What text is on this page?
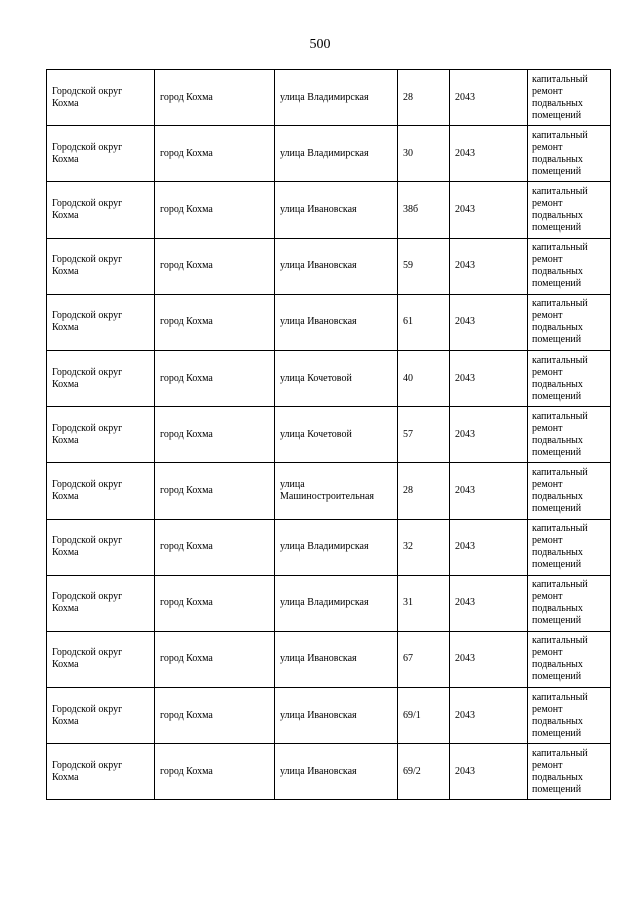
500
Городской округ Кохма	город Кохма	улица Владимирская	28	2043	капитальный ремонт подвальных помещений
Городской округ Кохма	город Кохма	улица Владимирская	30	2043	капитальный ремонт подвальных помещений
Городской округ Кохма	город Кохма	улица Ивановская	38б	2043	капитальный ремонт подвальных помещений
Городской округ Кохма	город Кохма	улица Ивановская	59	2043	капитальный ремонт подвальных помещений
Городской округ Кохма	город Кохма	улица Ивановская	61	2043	капитальный ремонт подвальных помещений
Городской округ Кохма	город Кохма	улица Кочетовой	40	2043	капитальный ремонт подвальных помещений
Городской округ Кохма	город Кохма	улица Кочетовой	57	2043	капитальный ремонт подвальных помещений
Городской округ Кохма	город Кохма	улица Машиностроительная	28	2043	капитальный ремонт подвальных помещений
Городской округ Кохма	город Кохма	улица Владимирская	32	2043	капитальный ремонт подвальных помещений
Городской округ Кохма	город Кохма	улица Владимирская	31	2043	капитальный ремонт подвальных помещений
Городской округ Кохма	город Кохма	улица Ивановская	67	2043	капитальный ремонт подвальных помещений
Городской округ Кохма	город Кохма	улица Ивановская	69/1	2043	капитальный ремонт подвальных помещений
Городской округ Кохма	город Кохма	улица Ивановская	69/2	2043	капитальный ремонт подвальных помещений
